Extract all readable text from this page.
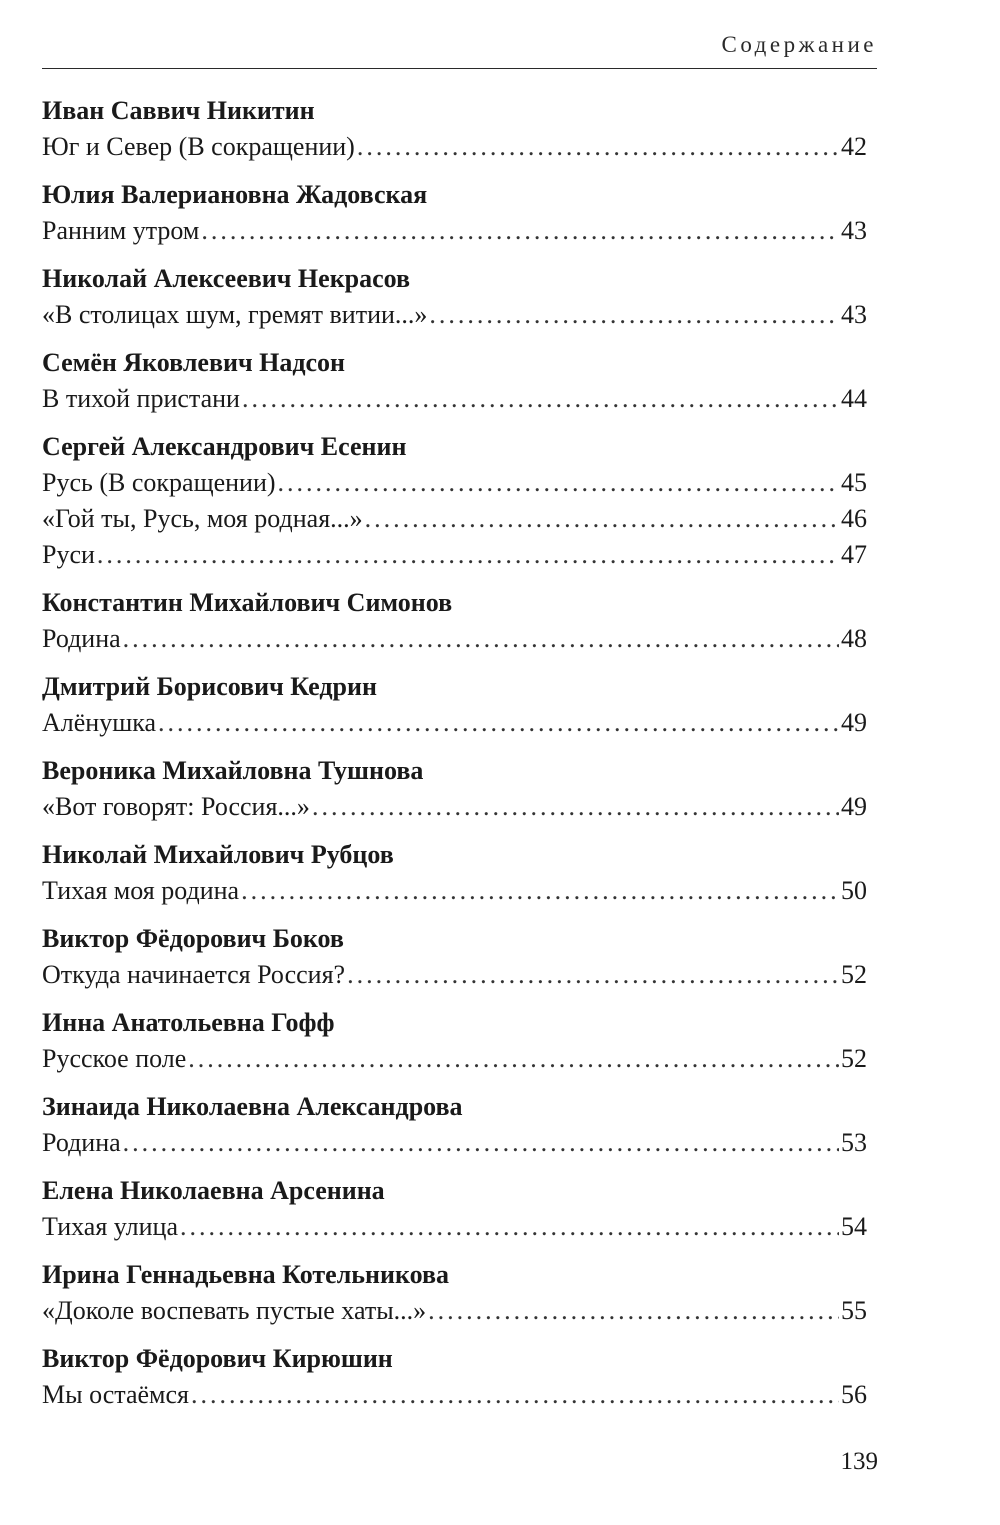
Содержание
Иван Саввич Никитин
Юг и Север (В сокращении) .....	42
Юлия Валериановна Жадовская
Ранним утром .....	43
Николай Алексеевич Некрасов
«В столицах шум, гремят витии...» .....	43
Семён Яковлевич Надсон
В тихой пристани .....	44
Сергей Александрович Есенин
Русь (В сокращении) .....	45
«Гой ты, Русь, моя родная...» .....	46
Руси .....	47
Константин Михайлович Симонов
Родина .....	48
Дмитрий Борисович Кедрин
Алёнушка .....	49
Вероника Михайловна Тушнова
«Вот говорят: Россия...» .....	49
Николай Михайлович Рубцов
Тихая моя родина .....	50
Виктор Фёдорович Боков
Откуда начинается Россия? .....	52
Инна Анатольевна Гофф
Русское поле .....	52
Зинаида Николаевна Александрова
Родина .....	53
Елена Николаевна Арсенина
Тихая улица .....	54
Ирина Геннадьевна Котельникова
«Доколе воспевать пустые хаты...» .....	55
Виктор Фёдорович Кирюшин
Мы остаёмся .....	56
139
